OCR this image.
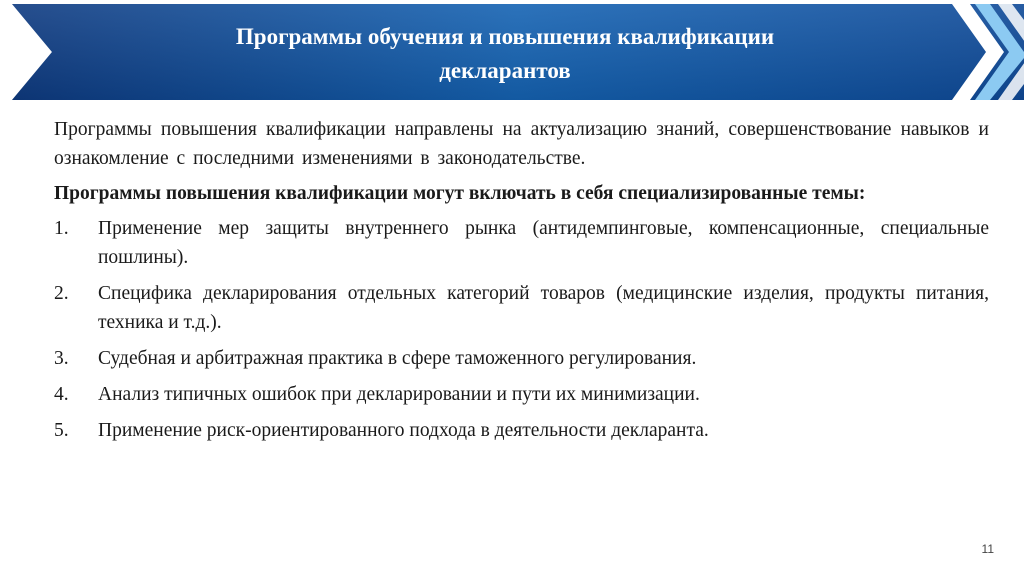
Программы обучения и повышения квалификации
декларантов

Программы повышения квалификации направлены на актуализацию знаний, совершенствование навыков и ознакомление с последними изменениями в законодательстве.

Программы повышения квалификации могут включать в себя специализированные темы:

1.	Применение мер защиты внутреннего рынка (антидемпинговые, компенсационные, специальные пошлины).
2.	Специфика декларирования отдельных категорий товаров (медицинские изделия, продукты питания, техника и т.д.).
3.	Судебная и арбитражная практика в сфере таможенного регулирования.
4.	Анализ типичных ошибок при декларировании и пути их минимизации.
5.	Применение риск-ориентированного подхода в деятельности декларанта.
11
